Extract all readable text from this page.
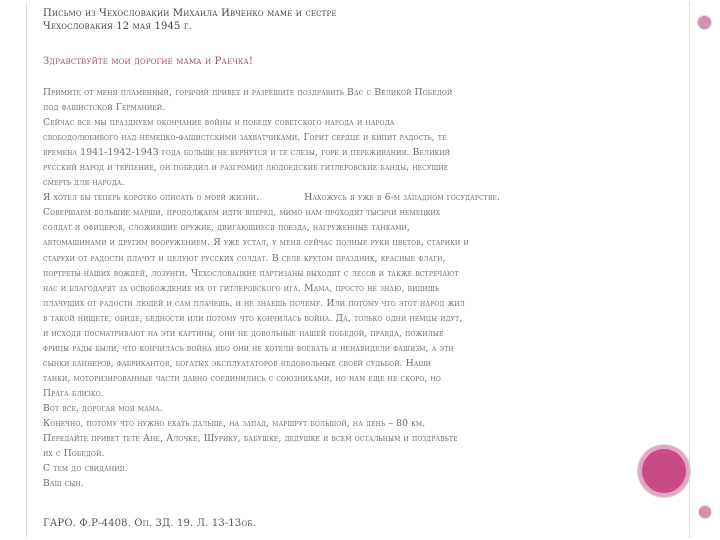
Письмо из Чехословакии Михаила Ивченко маме и сестре
Чехословакия 12 мая 1945 г.
Здравствуйте мои дорогие мама и Раечка!
Примите от меня пламенный, горячий привет и разрешите поздравить Вас с Великой Победой
под фашистской Германией.
Сейчас все мы празднуем окончание войны и победу советского народа и народа
свободолюбивого над немецко-фашистскими захватчиками. Горит сердце и кипит радость, те
времена 1941-1942-1943 года больше не вернутся и те слезы, горе и переживания. Великий
русский народ и терпение, он победил и разгромил людоедские гитлеровские банды, несущие
смерть для народа.
Я хотел бы теперь коротко описать о моей жизни.	Нахожусь я уже в 6-м западном государстве.
Совершаем большие марши, продолжаем идти вперед, мимо нам проходят тысячи немецких
солдат и офицеров, сложившие оружие, двигающиеся поезда, нагруженные танками,
автомашинами и другим вооружением. Я уже устал, у меня сейчас полные руки цветов, старики и
старухи от радости плачут и целуют русских солдат. В селе крутом праздник, красные флаги,
портреты наших вождей, лозунги. Чехословацкие партизаны выходят с лесов и также встречают
нас и благодарят за освобождение их от гитлеровского ига. Мама, просто не знаю, видишь
плачущих от радости людей и сам плачешь, и не знаешь почему. Или потому что этот народ жил
в такой нищете, обиде, бедности или потому что кончилась война. Да, только одни немцы идут,
и исходя посматривают на эти картины, они не довольные нашей победой, правда, пожилые
фрицы рады были, что кончилась война ибо они не хотели воевать и ненавидели фашизм, а эти
сынки баннеров, фабрикантов, богатых эксплуататоров недовольные своей судьбой. Наши
танки, моторизированные части давно соединились с союзниками, но нам еще не скоро, но
Прага близко.
Вот все, дорогая моя мама.
Конечно, потому что нужно ехать дальше, на запад, маршрут большой, на день – 80 км.
Передайте привет тете Ане, Алочке, Шурику, бабушке, дедушке и всем остальным и поздравьте
их с Победой.
С тем до свидания.
Ваш сын.
ГАРО. Ф.Р-4408. Оп. 3Д. 19. Л. 13-13об.
